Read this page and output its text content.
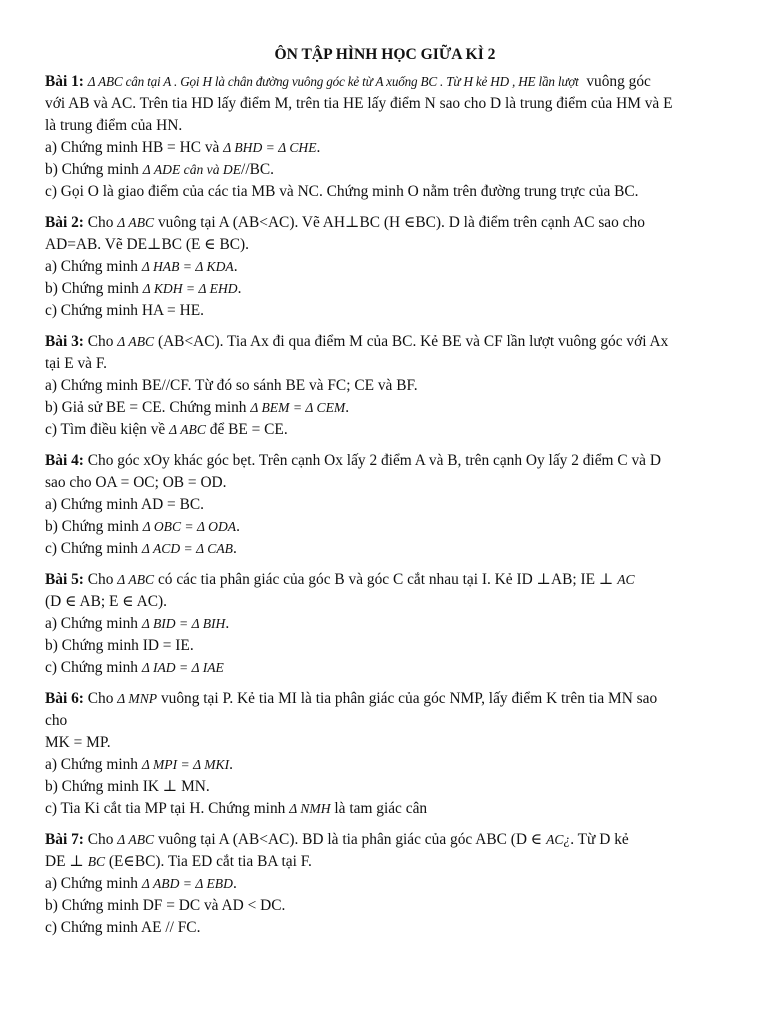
ÔN TẬP HÌNH HỌC GIỮA KÌ 2

Bài 1: Δ ABC cân tại A . Gọi H là chân đường vuông góc kẻ từ A xuống BC . Từ H kẻ HD , HE lần lượt vuông góc

với AB và AC. Trên tia HD lấy điểm M, trên tia HE lấy điểm N sao cho D là trung điểm của HM và E

là trung điểm của HN.

a) Chứng minh HB = HC và Δ BHD = Δ CHE.

b) Chứng minh Δ ADE cân và DE//BC.

c) Gọi O là giao điểm của các tia MB và NC. Chứng minh O nằm trên đường trung trực của BC.

Bài 2: Cho Δ ABC vuông tại A (AB<AC). Vẽ AH⊥BC (H ∈BC). D là điểm trên cạnh AC sao cho

AD=AB. Vẽ DE⊥BC (E ∈ BC).

a) Chứng minh Δ HAB = Δ KDA.

b) Chứng minh Δ KDH = Δ EHD.

c) Chứng minh HA = HE.

Bài 3: Cho Δ ABC (AB<AC). Tia Ax đi qua điểm M của BC. Kẻ BE và CF lần lượt vuông góc với Ax

tại E và F.

a) Chứng minh BE//CF. Từ đó so sánh BE và FC; CE và BF.

b) Giả sử BE = CE. Chứng minh Δ BEM = Δ CEM.

c) Tìm điều kiện về Δ ABC để BE = CE.

Bài 4: Cho góc xOy khác góc bẹt. Trên cạnh Ox lấy 2 điểm A và B, trên cạnh Oy lấy 2 điểm C và D

sao cho OA = OC; OB = OD.

a) Chứng minh AD = BC.

b) Chứng minh Δ OBC = Δ ODA.

c) Chứng minh Δ ACD = Δ CAB.

Bài 5: Cho Δ ABC có các tia phân giác của góc B và góc C cắt nhau tại I. Kẻ ID ⊥AB; IE ⊥ AC

(D ∈ AB; E ∈ AC).

a) Chứng minh Δ BID = Δ BIH.

b) Chứng minh ID = IE.

c) Chứng minh Δ IAD = Δ IAE

Bài 6: Cho Δ MNP vuông tại P. Kẻ tia MI là tia phân giác của góc NMP, lấy điểm K trên tia MN sao

cho

MK = MP.

a) Chứng minh Δ MPI = Δ MKI.

b) Chứng minh IK ⊥ MN.

c) Tia Ki cắt tia MP tại H. Chứng minh Δ NMH là tam giác cân

Bài 7: Cho Δ ABC vuông tại A (AB<AC). BD là tia phân giác của góc ABC (D ∈ AC¿. Từ D kẻ

DE ⊥ BC (E∈BC). Tia ED cắt tia BA tại F.

a) Chứng minh Δ ABD = Δ EBD.

b) Chứng minh DF = DC và AD < DC.

c) Chứng minh AE // FC.
